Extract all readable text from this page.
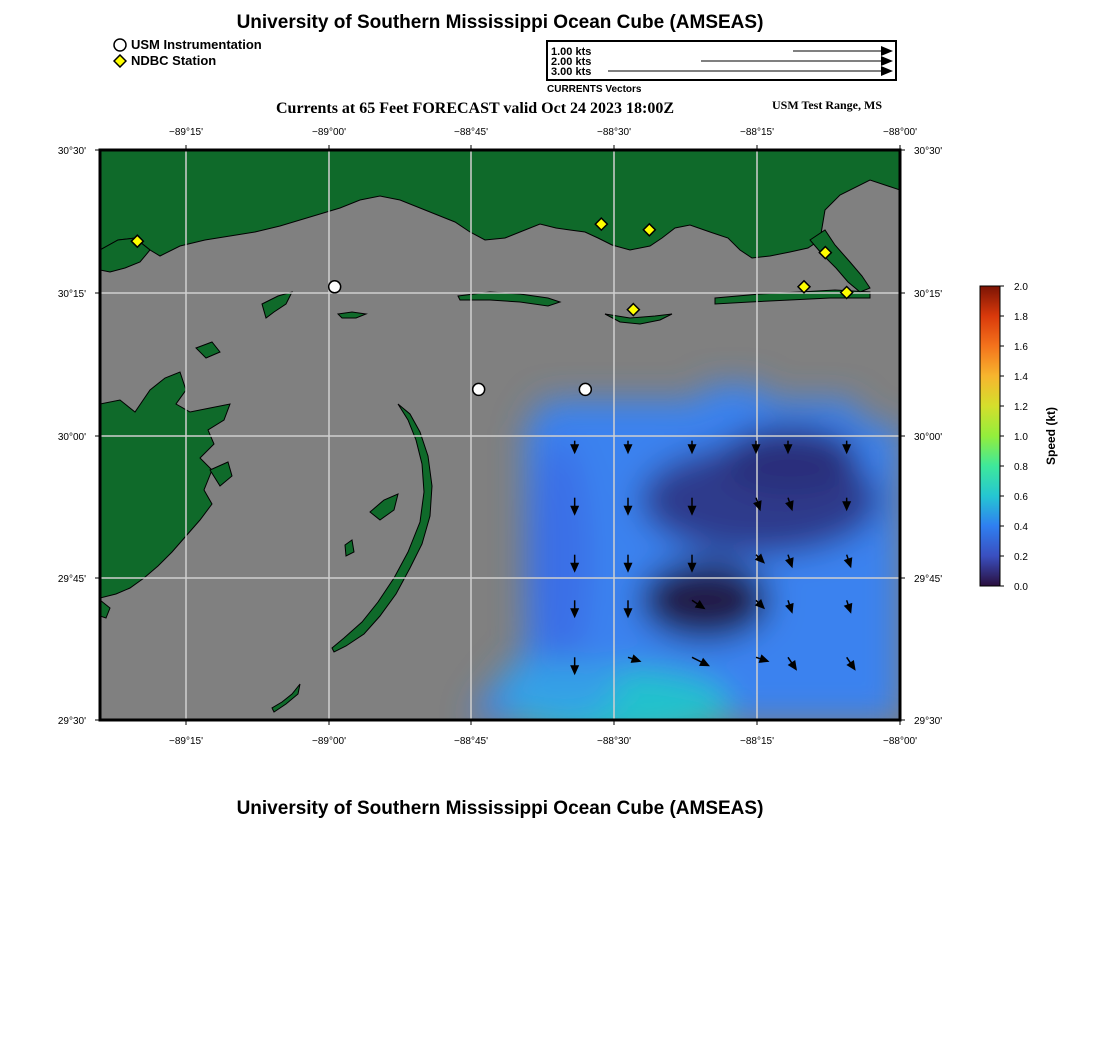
University of Southern Mississippi Ocean Cube (AMSEAS)
USM Instrumentation
NDBC Station
1.00 kts
2.00 kts
3.00 kts
CURRENTS Vectors
Currents at 65 Feet FORECAST valid Oct 24 2023 18:00Z	USM Test Range, MS
−89°15'	−89°00'	−88°45'	−88°30'	−88°15'	−88°00'
−89°15'	−89°00'	−88°45'	−88°30'	−88°15'	−88°00'
30°30'
30°15'
30°00'
29°45'
29°30'
30°30'
30°15'
30°00'
29°45'
29°30'
2.0
1.8
1.6
1.4
1.2
1.0
0.8
0.6
0.4
0.2
0.0
Speed (kt)
University of Southern Mississippi Ocean Cube (AMSEAS)
